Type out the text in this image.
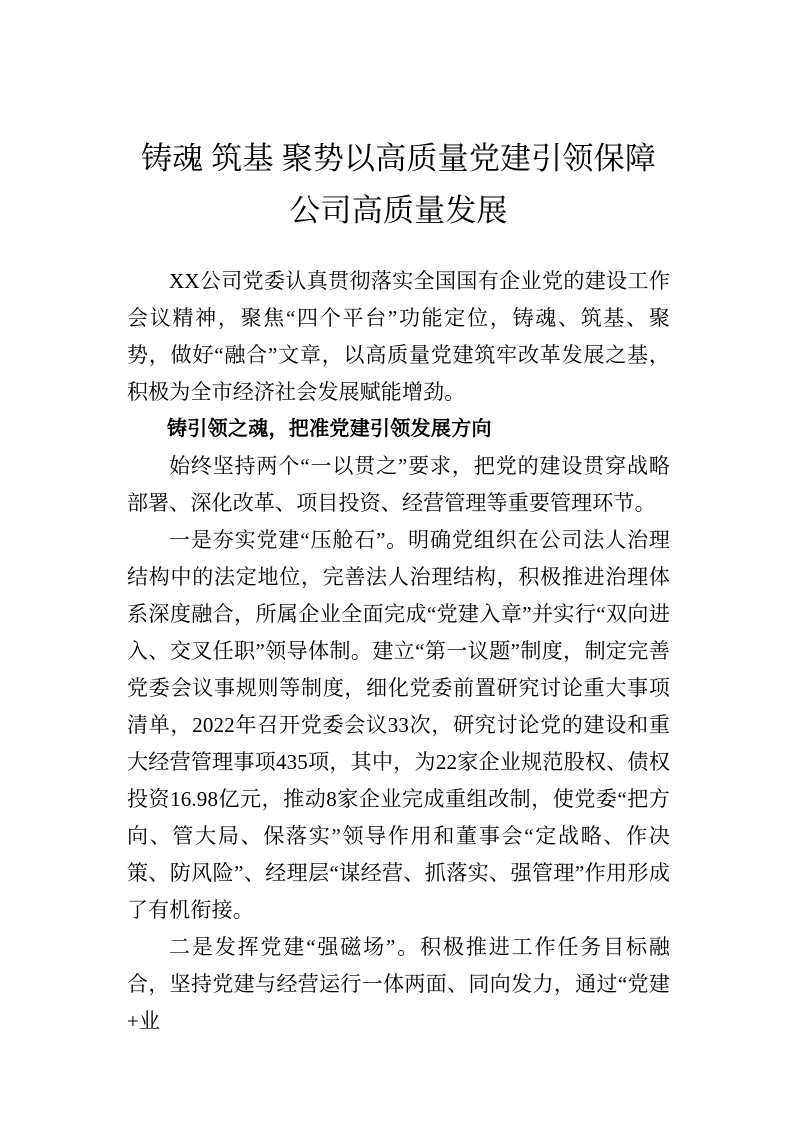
铸魂 筑基 聚势以高质量党建引领保障公司高质量发展

XX公司党委认真贯彻落实全国国有企业党的建设工作会议精神，聚焦“四个平台”功能定位，铸魂、筑基、聚势，做好“融合”文章，以高质量党建筑牢改革发展之基，积极为全市经济社会发展赋能增劲。

铸引领之魂，把准党建引领发展方向

始终坚持两个“一以贯之”要求，把党的建设贯穿战略部署、深化改革、项目投资、经营管理等重要管理环节。

一是夯实党建“压舱石”。明确党组织在公司法人治理结构中的法定地位，完善法人治理结构，积极推进治理体系深度融合，所属企业全面完成“党建入章”并实行“双向进入、交叉任职”领导体制。建立“第一议题”制度，制定完善党委会议事规则等制度，细化党委前置研究讨论重大事项清单，2022年召开党委会议33次，研究讨论党的建设和重大经营管理事项435项，其中，为22家企业规范股权、债权投资16.98亿元，推动8家企业完成重组改制，使党委“把方向、管大局、保落实”领导作用和董事会“定战略、作决策、防风险”、经理层“谋经营、抓落实、强管理”作用形成了有机衔接。

二是发挥党建“强磁场”。积极推进工作任务目标融合，坚持党建与经营运行一体两面、同向发力，通过“党建+业
